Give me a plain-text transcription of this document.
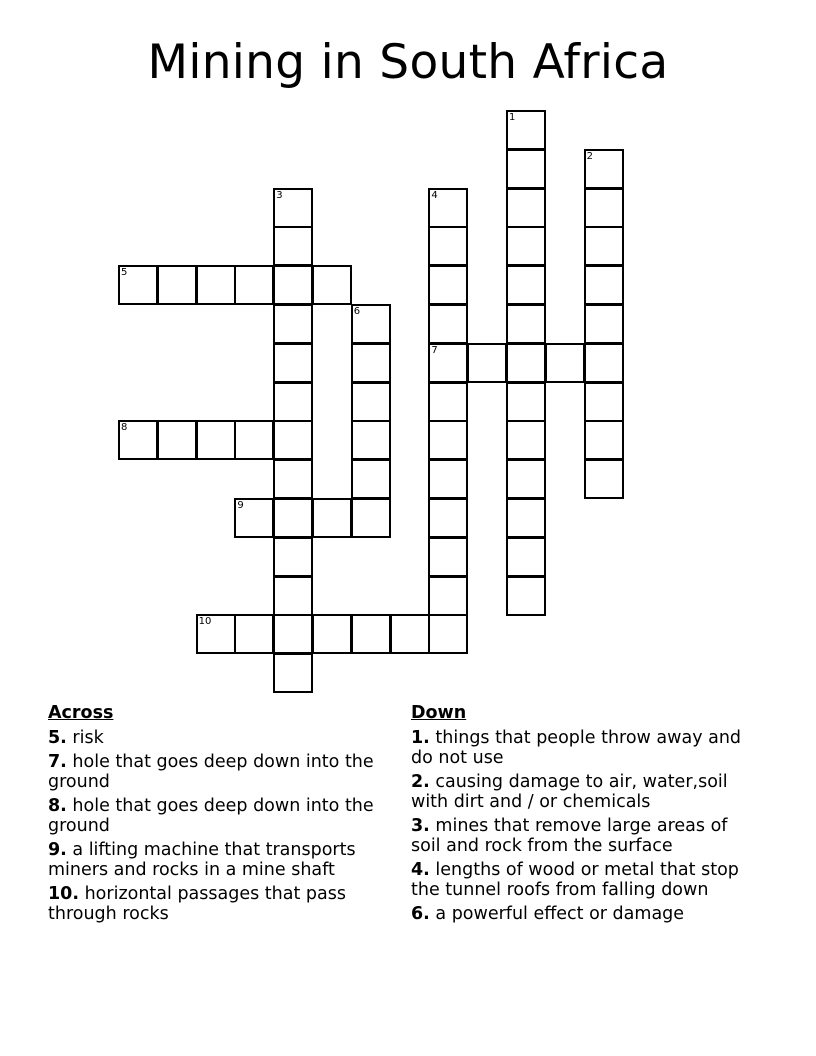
Mining in South Africa
1
2
3	4
7
5
6
8
9
10
Across
5. risk
7. hole that goes deep down into the ground
8. hole that goes deep down into the ground
9. a lifting machine that transports miners and rocks in a mine shaft
10. horizontal passages that pass through rocks
Down
1. things that people throw away and do not use
2. causing damage to air, water,soil with dirt and / or chemicals
3. mines that remove large areas of soil and rock from the surface
4. lengths of wood or metal that stop the tunnel roofs from falling down
6. a powerful effect or damage
